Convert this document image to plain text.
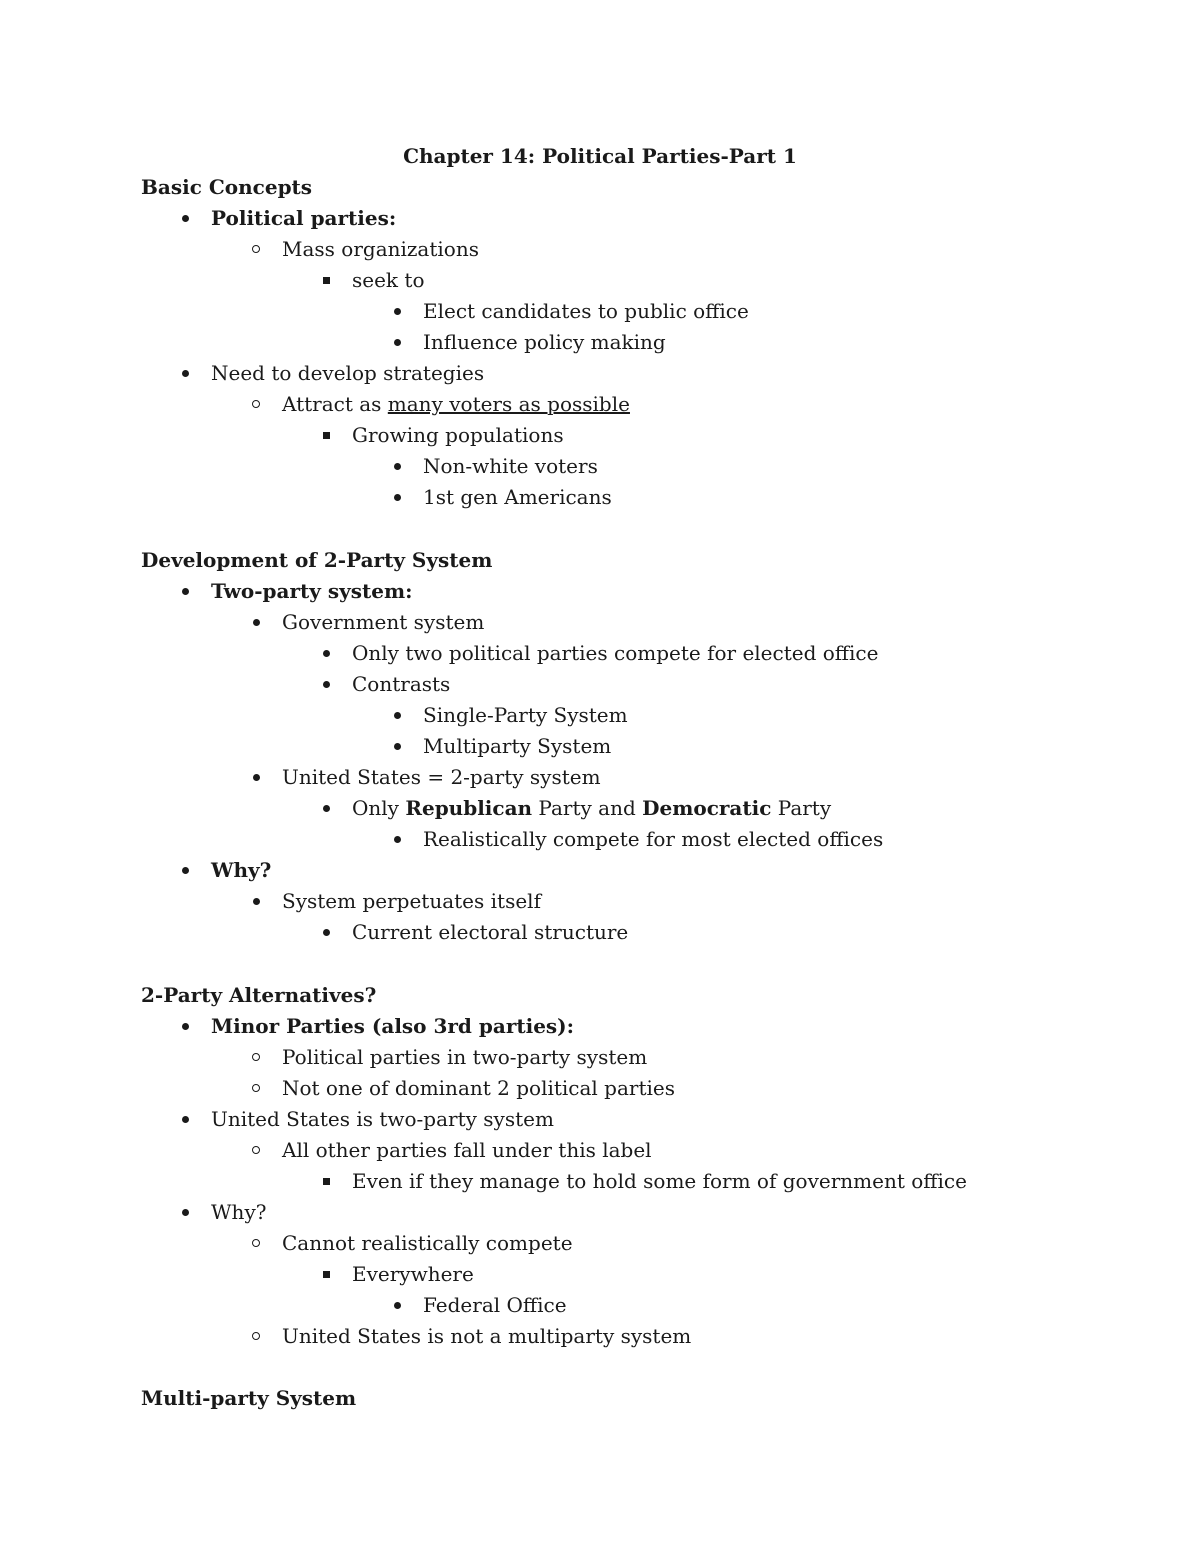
Chapter 14: Political Parties-Part 1
Basic Concepts
Political parties:
Mass organizations
seek to
Elect candidates to public office
Influence policy making
Need to develop strategies
Attract as many voters as possible
Growing populations
Non-white voters
1st gen Americans
Development of 2-Party System
Two-party system:
Government system
Only two political parties compete for elected office
Contrasts
Single-Party System
Multiparty System
United States = 2-party system
Only Republican Party and Democratic Party
Realistically compete for most elected offices
Why?
System perpetuates itself
Current electoral structure
2-Party Alternatives?
Minor Parties (also 3rd parties):
Political parties in two-party system
Not one of dominant 2 political parties
United States is two-party system
All other parties fall under this label
Even if they manage to hold some form of government office
Why?
Cannot realistically compete
Everywhere
Federal Office
United States is not a multiparty system
Multi-party System
